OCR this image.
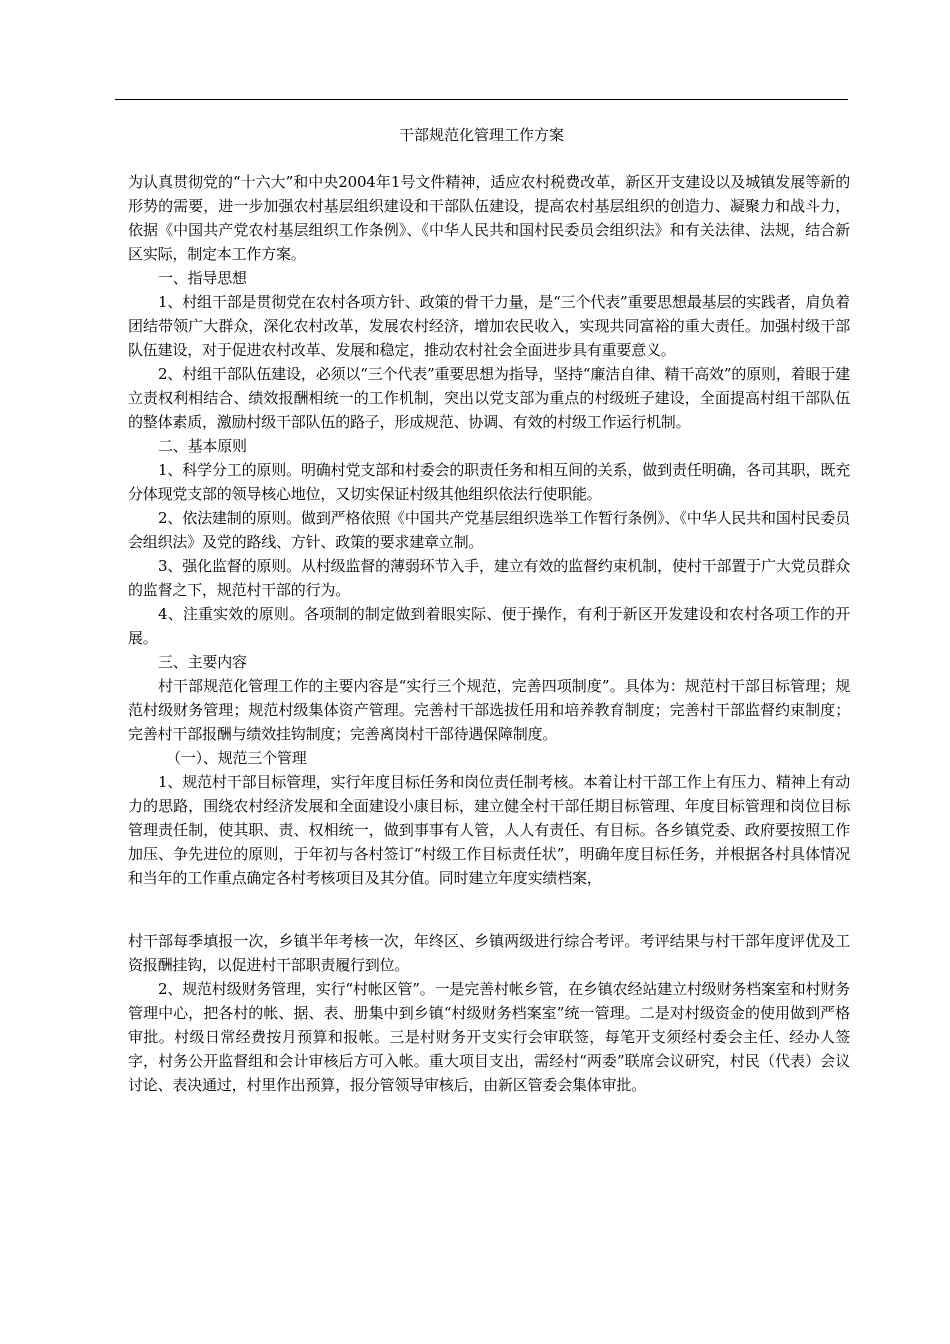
干部规范化管理工作方案

为认真贯彻党的“十六大”和中央2004年1号文件精神，适应农村税费改革，新区开支建设以及城镇发展等新的形势的需要，进一步加强农村基层组织建设和干部队伍建设，提高农村基层组织的创造力、凝聚力和战斗力，依据《中国共产党农村基层组织工作条例》、《中华人民共和国村民委员会组织法》和有关法律、法规，结合新区实际，制定本工作方案。

一、指导思想

1、村组干部是贯彻党在农村各项方针、政策的骨干力量，是“三个代表”重要思想最基层的实践者，肩负着团结带领广大群众，深化农村改革，发展农村经济，增加农民收入，实现共同富裕的重大责任。加强村级干部队伍建设，对于促进农村改革、发展和稳定，推动农村社会全面进步具有重要意义。

2、村组干部队伍建设，必须以“三个代表”重要思想为指导，坚持“廉洁自律、精干高效”的原则，着眼于建立责权利相结合、绩效报酬相统一的工作机制，突出以党支部为重点的村级班子建设，全面提高村组干部队伍的整体素质，激励村级干部队伍的路子，形成规范、协调、有效的村级工作运行机制。

二、基本原则

1、科学分工的原则。明确村党支部和村委会的职责任务和相互间的关系，做到责任明确，各司其职，既充分体现党支部的领导核心地位，又切实保证村级其他组织依法行使职能。

2、依法建制的原则。做到严格依照《中国共产党基层组织选举工作暂行条例》、《中华人民共和国村民委员会组织法》及党的路线、方针、政策的要求建章立制。

3、强化监督的原则。从村级监督的薄弱环节入手，建立有效的监督约束机制，使村干部置于广大党员群众的监督之下，规范村干部的行为。

4、注重实效的原则。各项制的制定做到着眼实际、便于操作，有利于新区开发建设和农村各项工作的开展。

三、主要内容

村干部规范化管理工作的主要内容是“实行三个规范，完善四项制度”。具体为：规范村干部目标管理；规范村级财务管理；规范村级集体资产管理。完善村干部选拔任用和培养教育制度；完善村干部监督约束制度；完善村干部报酬与绩效挂钩制度；完善离岗村干部待遇保障制度。

（一）、规范三个管理

1、规范村干部目标管理，实行年度目标任务和岗位责任制考核。本着让村干部工作上有压力、精神上有动力的思路，围绕农村经济发展和全面建设小康目标，建立健全村干部任期目标管理、年度目标管理和岗位目标管理责任制，使其职、责、权相统一，做到事事有人管，人人有责任、有目标。各乡镇党委、政府要按照工作加压、争先进位的原则，于年初与各村签订“村级工作目标责任状”，明确年度目标任务，并根据各村具体情况和当年的工作重点确定各村考核项目及其分值。同时建立年度实绩档案，

村干部每季填报一次，乡镇半年考核一次，年终区、乡镇两级进行综合考评。考评结果与村干部年度评优及工资报酬挂钩，以促进村干部职责履行到位。

2、规范村级财务管理，实行“村帐区管”。一是完善村帐乡管，在乡镇农经站建立村级财务档案室和村财务管理中心，把各村的帐、据、表、册集中到乡镇“村级财务档案室”统一管理。二是对村级资金的使用做到严格审批。村级日常经费按月预算和报帐。三是村财务开支实行会审联签，每笔开支须经村委会主任、经办人签字，村务公开监督组和会计审核后方可入帐。重大项目支出，需经村“两委”联席会议研究，村民（代表）会议讨论、表决通过，村里作出预算，报分管领导审核后，由新区管委会集体审批。
